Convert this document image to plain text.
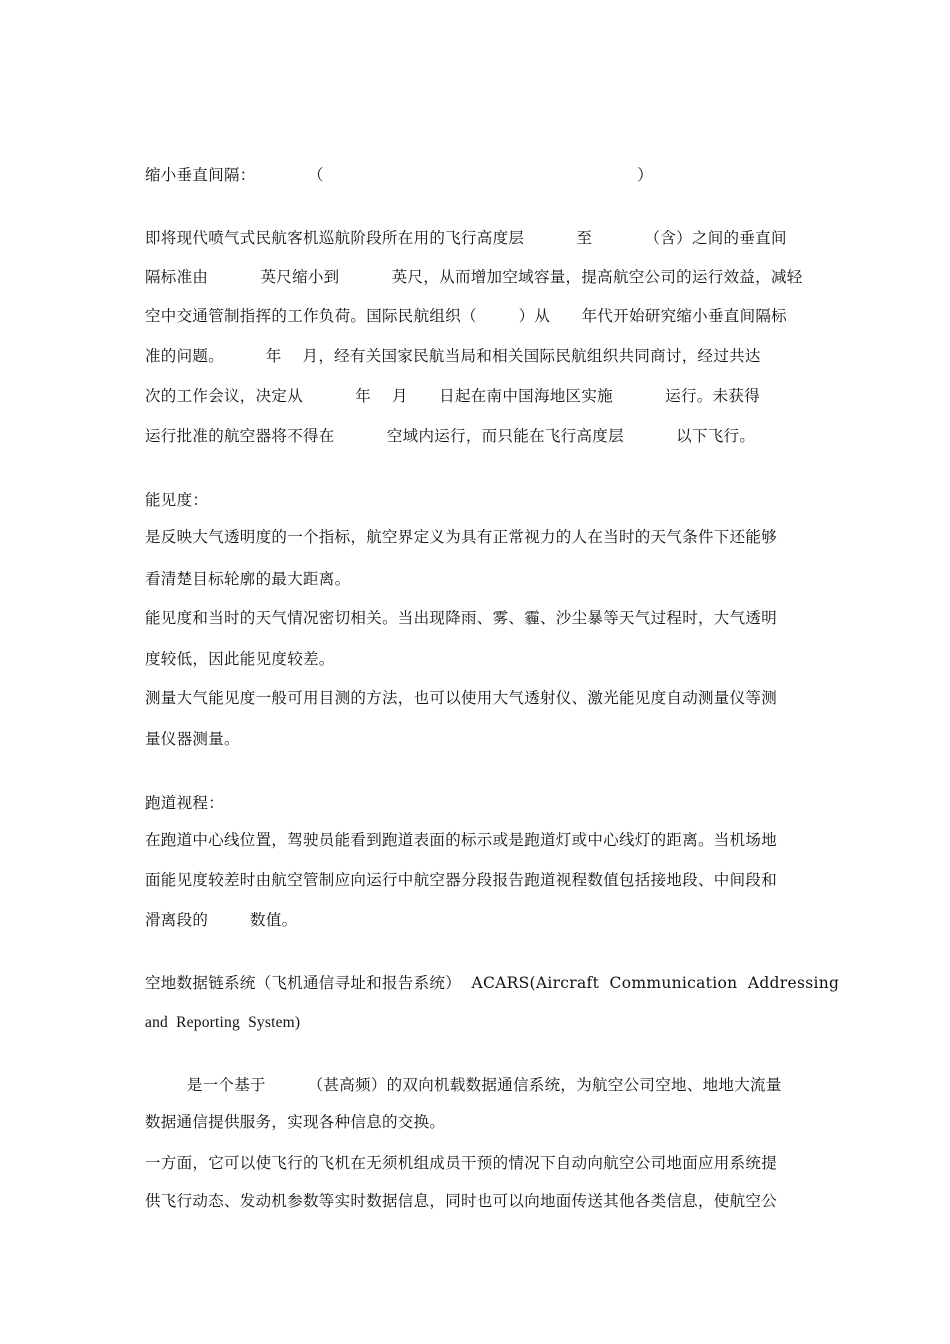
缩小垂直间隔：          （                                                            ）
即将现代喷气式民航客机巡航阶段所在用的飞行高度层          至          （含）之间的垂直间
隔标准由          英尺缩小到          英尺，从而增加空域容量，提高航空公司的运行效益，减轻
空中交通管制指挥的工作负荷。国际民航组织（        ）从      年代开始研究缩小垂直间隔标
准的问题。        年    月，经有关国家民航当局和相关国际民航组织共同商讨，经过共达
次的工作会议，决定从          年    月      日起在南中国海地区实施          运行。未获得
运行批准的航空器将不得在          空域内运行，而只能在飞行高度层          以下飞行。
能见度：
是反映大气透明度的一个指标，航空界定义为具有正常视力的人在当时的天气条件下还能够
看清楚目标轮廓的最大距离。
能见度和当时的天气情况密切相关。当出现降雨、雾、霾、沙尘暴等天气过程时，大气透明
度较低，因此能见度较差。
测量大气能见度一般可用目测的方法，也可以使用大气透射仪、激光能见度自动测量仪等测
量仪器测量。
跑道视程：
在跑道中心线位置，驾驶员能看到跑道表面的标示或是跑道灯或中心线灯的距离。当机场地
面能见度较差时由航空管制应向运行中航空器分段报告跑道视程数值包括接地段、中间段和
滑离段的        数值。
空地数据链系统（飞机通信寻址和报告系统）  ACARS(Aircraft  Communication  Addressing
and  Reporting  System)
是一个基于        （甚高频）的双向机载数据通信系统，为航空公司空地、地地大流量
数据通信提供服务，实现各种信息的交换。
一方面，它可以使飞行的飞机在无须机组成员干预的情况下自动向航空公司地面应用系统提
供飞行动态、发动机参数等实时数据信息，同时也可以向地面传送其他各类信息，使航空公
